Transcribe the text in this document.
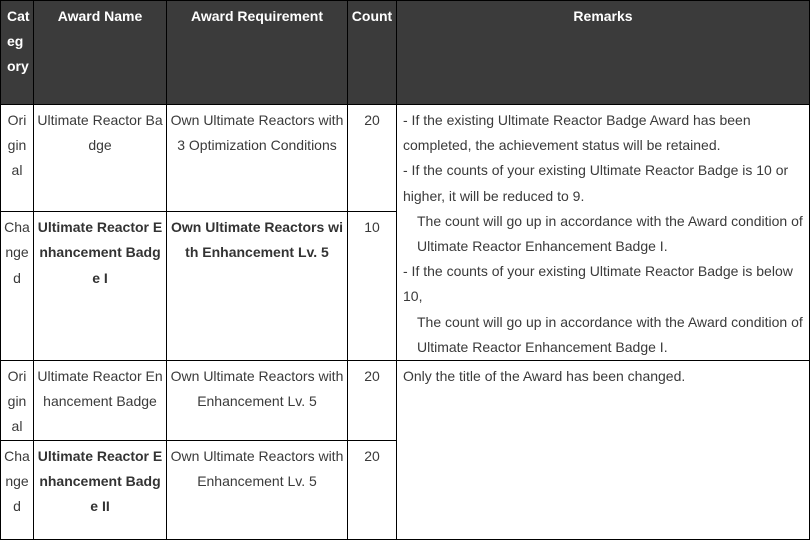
Category	Award Name	Award Requirement	Count	Remarks
Original	Ultimate Reactor Badge	Own Ultimate Reactors with 3 Optimization Conditions	20	- If the existing Ultimate Reactor Badge Award has been completed, the achievement status will be retained.
- If the counts of your existing Ultimate Reactor Badge is 10 or higher, it will be reduced to 9.
The count will go up in accordance with the Award condition of Ultimate Reactor Enhancement Badge I.
- If the counts of your existing Ultimate Reactor Badge is below 10,
The count will go up in accordance with the Award condition of Ultimate Reactor Enhancement Badge I.

Changed	Ultimate Reactor Enhancement Badge I	Own Ultimate Reactors with Enhancement Lv. 5	10	
Original	Ultimate Reactor Enhancement Badge	Own Ultimate Reactors with Enhancement Lv. 5	20	Only the title of the Award has been changed.

Changed	Ultimate Reactor Enhancement Badge II	Own Ultimate Reactors with Enhancement Lv. 5	20	
